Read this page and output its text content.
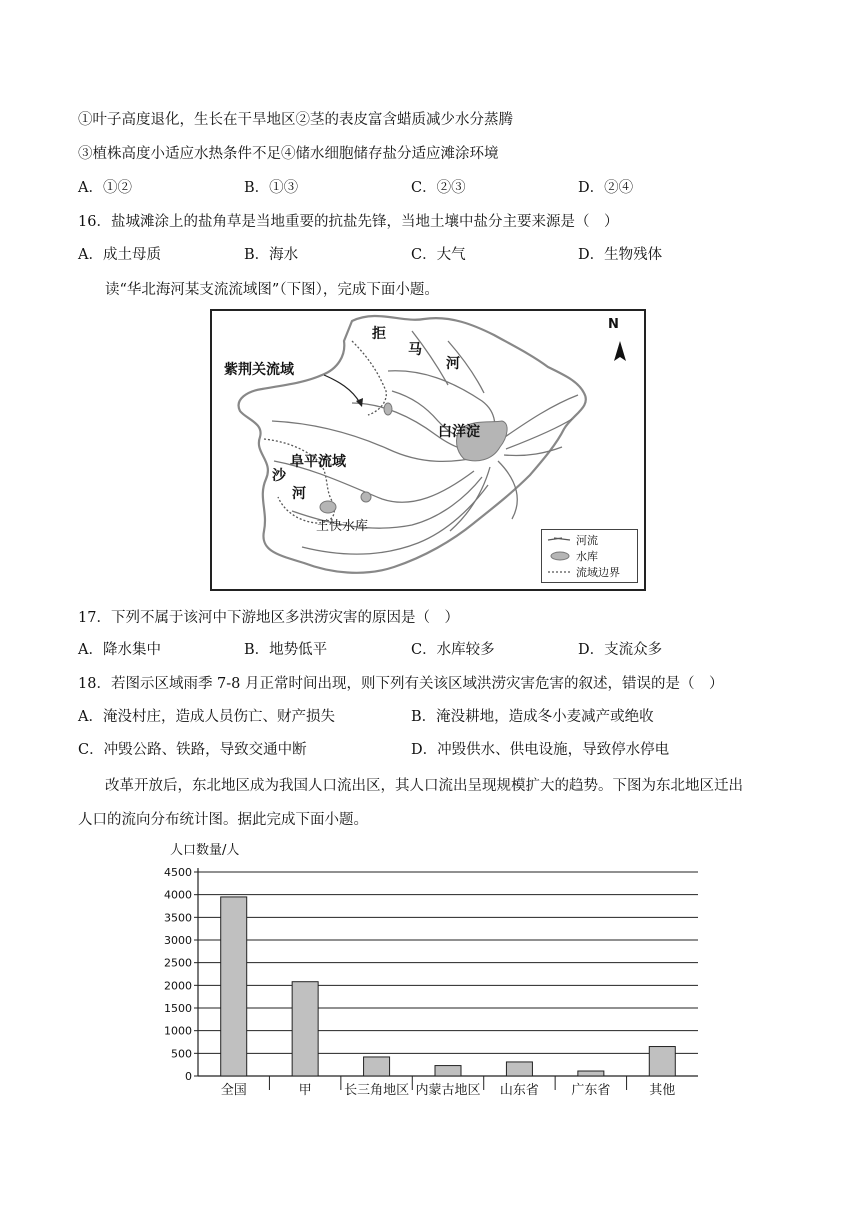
①叶子高度退化，生长在干旱地区②茎的表皮富含蜡质减少水分蒸腾
③植株高度小适应水热条件不足④储水细胞储存盐分适应滩涂环境
A．①②	B．①③	C．②③	D．②④
16．盐城滩涂上的盐角草是当地重要的抗盐先锋，当地土壤中盐分主要来源是（　）
A．成土母质	B．海水	C．大气	D．生物残体
读“华北海河某支流流域图”（下图），完成下面小题。
N
紫荆关流域
拒
马
河
白洋淀
阜平流域
沙
河
王快水库
河流
水库
流域边界
17．下列不属于该河中下游地区多洪涝灾害的原因是（　）
A．降水集中	B．地势低平	C．水库较多	D．支流众多
18．若图示区域雨季 7-8 月正常时间出现，则下列有关该区域洪涝灾害危害的叙述，错误的是（　）
A．淹没村庄，造成人员伤亡、财产损失	B．淹没耕地，造成冬小麦减产或绝收
C．冲毁公路、铁路，导致交通中断	D．冲毁供水、供电设施，导致停水停电
改革开放后，东北地区成为我国人口流出区，其人口流出呈现规模扩大的趋势。下图为东北地区迁出
人口的流向分布统计图。据此完成下面小题。
人口数量/人
0
500
1000
1500
2000
2500
3000
3500
4000
4500
全国	甲 长三角地区 内蒙古地区 山东省 广东省	其他
